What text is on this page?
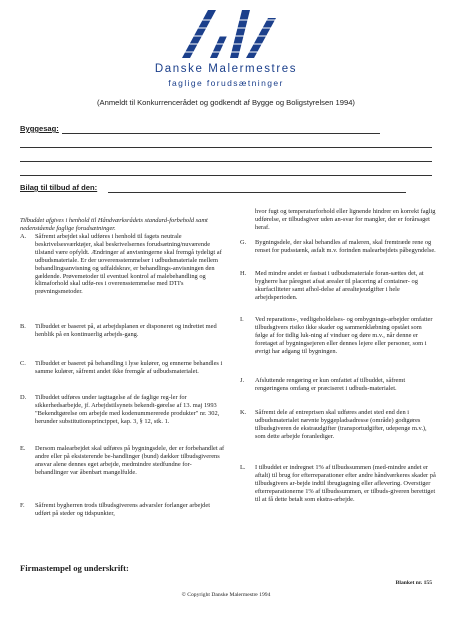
Danske Malermestres
faglige forudsætninger
(Anmeldt til Konkurrencerådet og godkendt af Bygge og Boligstyrelsen 1994)
Byggesag:
Bilag til tilbud af den:
Tilbuddet afgives i henhold til Håndværksrådets standard-forbehold samt nedenstående faglige forudsætninger.
A. Såfremt arbejdet skal udføres i henhold til fagets neutrale beskrivelsesværktøjer, skal beskrivelsernes forudsætning/nuværende tilstand være opfyldt. Ændringer af anvisningerne skal fremgå tydeligt af udbudsmateriale. Er der uoverensstemmelser i udbudsmateriale mellem behandlingsanvisning og udfaldskrav, er behandlings-anvisningen den gældende. Prøvemetoder til eventuel kontrol af malebehandling og klimaforhold skal udfø-res i overensstemmelse med DTI's prøvningsmetoder.
B. Tilbuddet er baseret på, at arbejdsplanen er disponeret og indrettet med henblik på en kontinuerlig arbejds-gang.
C. Tilbuddet er baseret på behandling i lyse kulører, og emnerne behandles i samme kulører, såfremt andet ikke fremgår af udbudsmaterialet.
D. Tilbuddet udføres under iagttagelse af de faglige reg-ler for sikkerhedsarbejde, jf. Arbejdstilsynets bekendt-gørelse af 13. maj 1993 "Bekendtgørelse om arbejde med kodenummererede produkter" nr. 302, herunder substitutionsprincippet, kap. 3, § 12, stk. 1.
E. Dersom malearbejdet skal udføres på bygningsdele, der er forbehandlet af andre eller på eksisterende be-handlinger (bund) dækker tilbudsgiverens ansvar alene dennes eget arbejde, medmindre stedfundne for-behandlinger var åbenbart mangelfulde.
F. Såfremt bygherren trods tilbudsgiverens advarsler forlanger arbejdet udført på steder og tidspunkter,
hvor fugt og temperaturforhold eller lignende hindrer en korrekt faglig udførelse, er tilbudsgiver uden an-svar for mangler, der er forårsaget heraf.
G. Bygningsdele, der skal behandles af maleren, skal fremtræde rene og renset for pudsstænk, asfalt m.v. forinden malearbejdets påbegyndelse.
H. Med mindre andet er fastsat i udbudsmateriale foran-sættes det, at bygherre har påregnet afsat arealer til placering af container- og skurfaciliteter samt afhol-delse af arealtejeudgifter i hele arbejdsperioden.
I. Ved reparations-, vedligeholdelses- og ombygnings-arbejder omfatter tilbudsgivers risiko ikke skader og sammenklæbning opstået som følge af for tidlig luk-ning af vinduer og døre m.v., når denne er foretaget af bygningsejeren eller dennes lejere eller personer, som i øvrigt har adgang til bygningen.
J. Afsluttende rengøring er kun omfattet af tilbuddet, såfremt rengøringens omfang er præciseret i udbuds-materialet.
K. Såfremt dele af entreprisen skal udføres andet sted end den i udbudsmaterialet nævnte byggepladsadresse (område) godtgøres tilbudsgiveren de ekstraudgifter (transportudgifter, udepenge m.v.), som dette arbejde foranlediger.
L. I tilbuddet er indregnet 1% af tilbudssummen (med-mindre andet er aftalt) til brug for efterreparationer efter andre håndværkeres skader på tilbudsgivers ar-bejde indtil ibrugtagning eller aflevering. Overstiger efterreparationerne 1% af tilbudssummen, er tilbuds-giveren berettiget til at få dette betalt som ekstra-arbejde.
Firmastempel og underskrift:
Blanket nr. 155
© Copyright Danske Malermestre 1994
